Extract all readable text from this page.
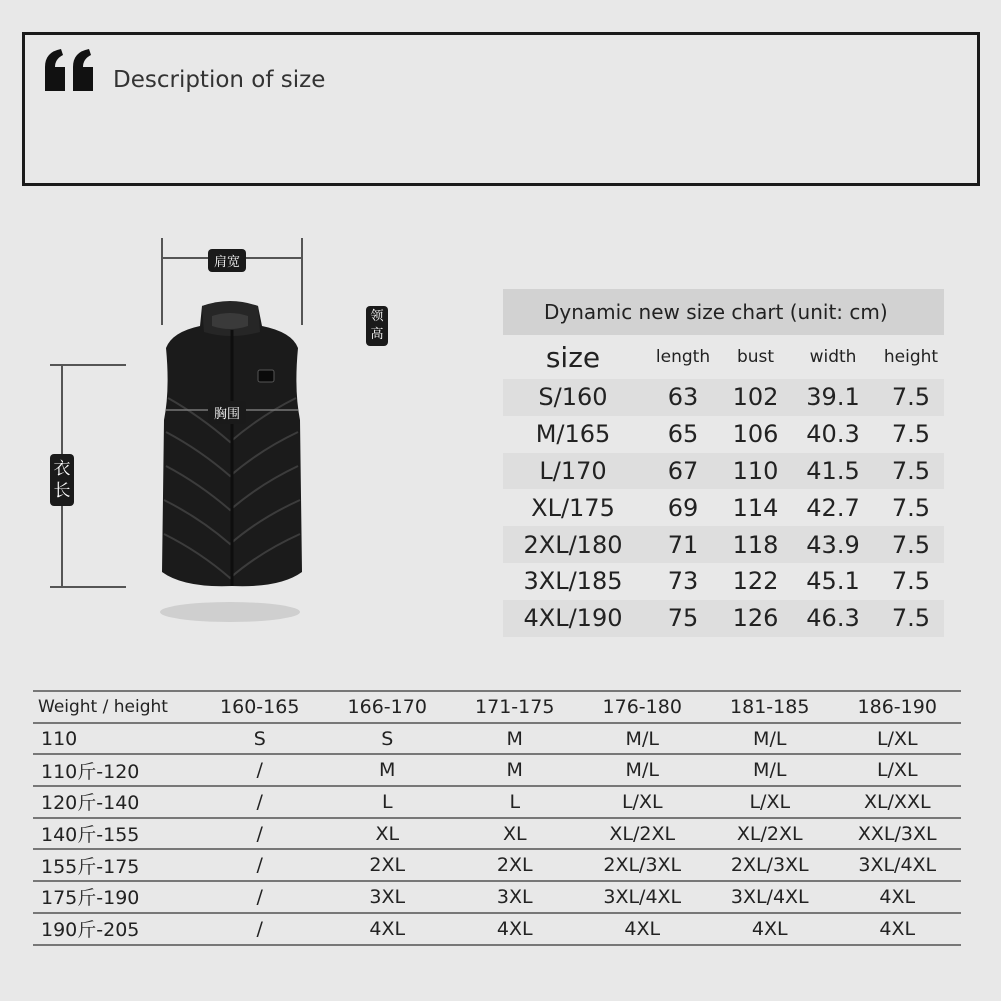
Description of size
肩宽
领
高
胸围
衣
长
Dynamic new size chart (unit: cm)
size	length	bust	width	height
S/160	63	102	39.1	7.5
M/165	65	106	40.3	7.5
L/170	67	110	41.5	7.5
XL/175	69	114	42.7	7.5
2XL/180	71	118	43.9	7.5
3XL/185	73	122	45.1	7.5
4XL/190	75	126	46.3	7.5
Weight / height	160-165	166-170	171-175	176-180	181-185	186-190
110	S	S	M	M/L	M/L	L/XL
110斤-120	/	M	M	M/L	M/L	L/XL
120斤-140	/	L	L	L/XL	L/XL	XL/XXL
140斤-155	/	XL	XL	XL/2XL	XL/2XL	XXL/3XL
155斤-175	/	2XL	2XL	2XL/3XL	2XL/3XL	3XL/4XL
175斤-190	/	3XL	3XL	3XL/4XL	3XL/4XL	4XL
190斤-205	/	4XL	4XL	4XL	4XL	4XL
